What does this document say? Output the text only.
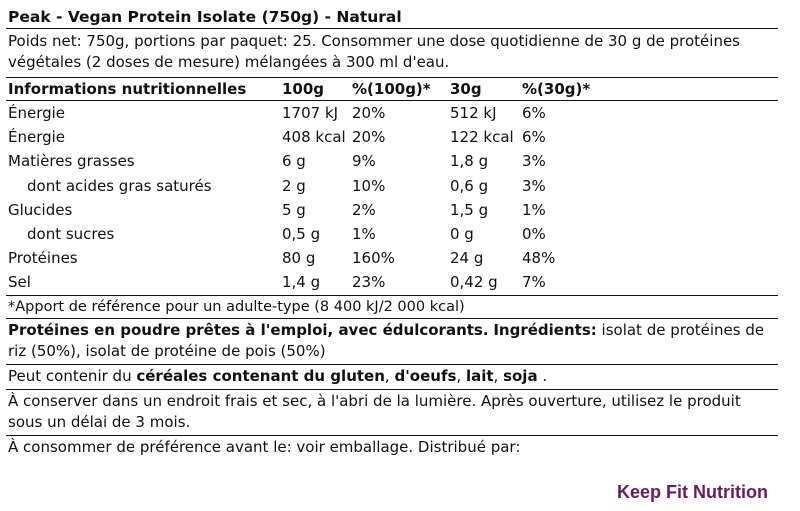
Peak - Vegan Protein Isolate (750g) - Natural
Poids net: 750g, portions par paquet: 25. Consommer une dose quotidienne de 30 g de protéines
végétales (2 doses de mesure) mélangées à 300 ml d'eau.
Informations nutritionnelles	100g	%(100g)*	30g	%(30g)*
Énergie	1707 kJ	20%	512 kJ	6%
Énergie	408 kcal	20%	122 kcal	6%
Matières grasses	6 g	9%	1,8 g	3%
dont acides gras saturés	2 g	10%	0,6 g	3%
Glucides	5 g	2%	1,5 g	1%
dont sucres	0,5 g	1%	0 g	0%
Protéines	80 g	160%	24 g	48%
Sel	1,4 g	23%	0,42 g	7%
*Apport de référence pour un adulte-type (8 400 kJ/2 000 kcal)
Protéines en poudre prêtes à l'emploi, avec édulcorants. Ingrédients: isolat de protéines de
riz (50%), isolat de protéine de pois (50%)
Peut contenir du céréales contenant du gluten, d'oeufs, lait, soja .
À conserver dans un endroit frais et sec, à l'abri de la lumière. Après ouverture, utilisez le produit
sous un délai de 3 mois.
À consommer de préférence avant le: voir emballage. Distribué par:
Keep Fit Nutrition
